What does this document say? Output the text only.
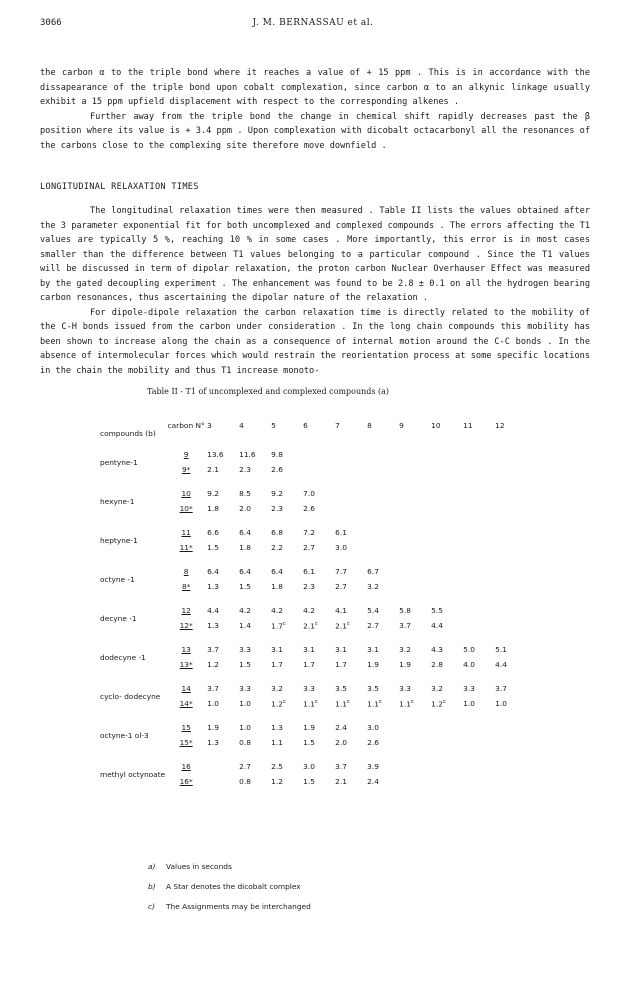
3066	J. M. BERNASSAU et al.

the carbon α to the triple bond where it reaches a value of + 15 ppm . This is in accordance with the dissapearance of the triple bond upon cobalt complexation, since carbon α to an alkynic linkage usually exhibit a 15 ppm upfield displacement with respect to the corresponding alkenes .

Further away from the triple bond the change in chemical shift rapidly decreases past the β position where its value is + 3.4 ppm . Upon complexation with dicobalt octacarbonyl all the resonances of the carbons close to the complexing site therefore move downfield .

LONGITUDINAL RELAXATION TIMES

The longitudinal relaxation times were then measured . Table II lists the values obtained after the 3 parameter exponential fit for both uncomplexed and complexed compounds . The errors affecting the T1 values are typically 5 %, reaching 10 % in some cases . More importantly, this error is in most cases smaller than the difference between T1 values belonging to a particular compound . Since the T1 values will be discussed in term of dipolar relaxation, the proton carbon Nuclear Overhauser Effect was measured by the gated decoupling experiment . The enhancement was found to be 2.8 ± 0.1 on all the hydrogen bearing carbon resonances, thus ascertaining the dipolar nature of the relaxation .

For dipole-dipole relaxation the carbon relaxation time is directly related to the mobility of the C-H bonds issued from the carbon under consideration . In the long chain compounds this mobility has been shown to increase along the chain as a consequence of internal motion around the C-C bonds . In the absence of intermolecular forces which would restrain the reorientation process at some specific locations in the chain the mobility and thus T1 increase monoto-

Table II - T1 of uncomplexed and complexed compounds (a)
compounds (b)	carbon N°	3	4	5	6	7	8	9	10	11	12

pentyne-1	9	13.6	11.6	9.8							
	9*	2.1	2.3	2.6							

hexyne-1	10	9.2	8.5	9.2	7.0						
	10*	1.8	2.0	2.3	2.6						

heptyne-1	11	6.6	6.4	6.8	7.2	6.1					
	11*	1.5	1.8	2.2	2.7	3.0					

octyne -1	8	6.4	6.4	6.4	6.1	7.7	6.7				
	8*	1.3	1.5	1.8	2.3	2.7	3.2				

decyne -1	12	4.4	4.2	4.2	4.2	4.1	5.4	5.8	5.5		
	12*	1.3	1.4	1.7$^c$	2.1$^c$	2.1$^c$	2.7	3.7	4.4		

dodecyne -1	13	3.7	3.3	3.1	3.1	3.1	3.1	3.2	4.3	5.0	5.1
	13*	1.2	1.5	1.7	1.7	1.7	1.9	1.9	2.8	4.0	4.4

cyclo- dodecyne	14	3.7	3.3	3.2	3.3	3.5	3.5	3.3	3.2	3.3	3.7
	14*	1.0	1.0	1.2$^c$	1.1$^c$	1.1$^c$	1.1$^c$	1.1$^c$	1.2$^c$	1.0	1.0

octyne-1 ol-3	15	1.9	1.0	1.3	1.9	2.4	3.0				
	15*	1.3	0.8	1.1	1.5	2.0	2.6				

methyl octynoate	16		2.7	2.5	3.0	3.7	3.9				
	16*		0.8	1.2	1.5	2.1	2.4				
a) Values in seconds
b) A Star denotes the dicobalt complex
c) The Assignments may be interchanged
